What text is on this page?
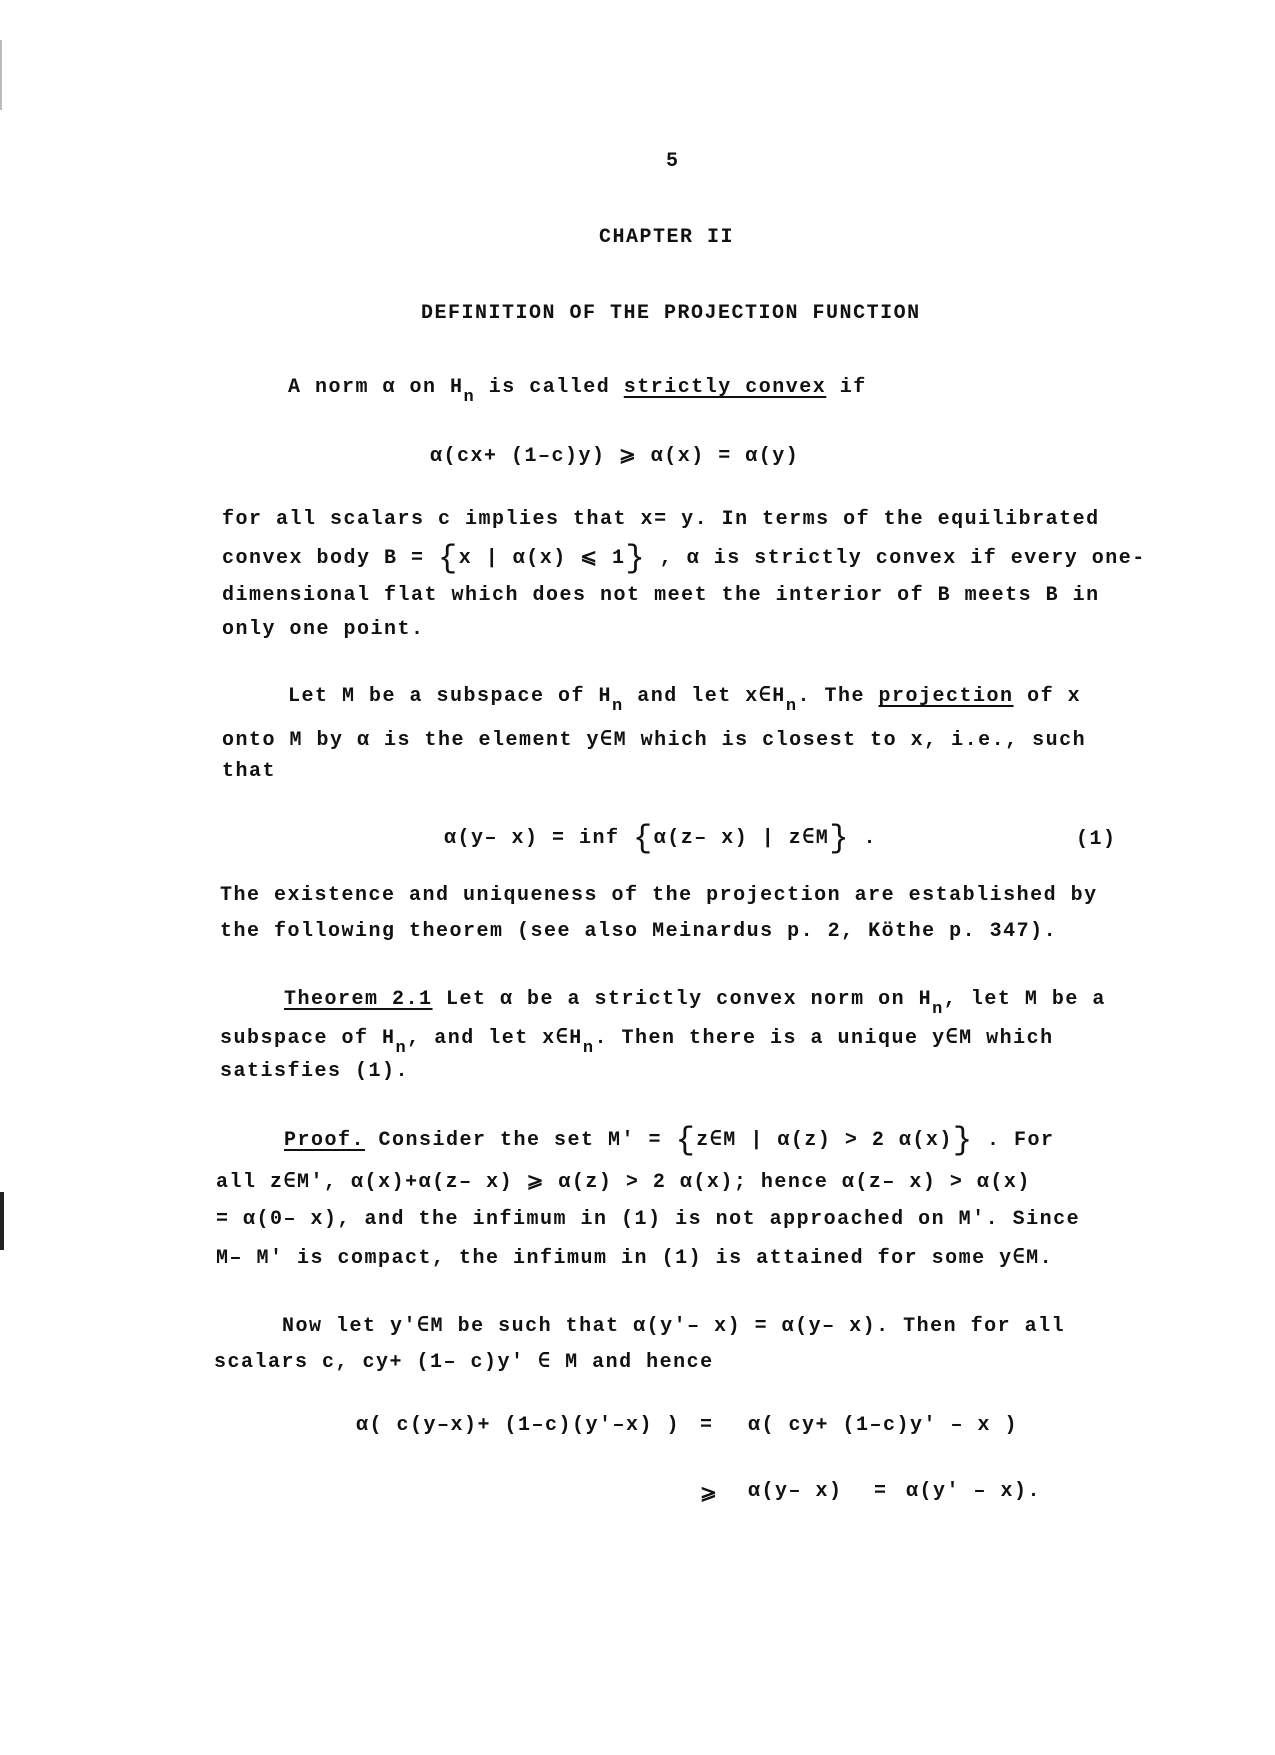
5
CHAPTER II
DEFINITION OF THE PROJECTION FUNCTION
A norm α on $H_n$ is called strictly convex if
α(cx+ (1–c)y) ⩾ α(x) = α(y)
for all scalars c implies that x= y. In terms of the equilibrated
convex body B = {x | α(x) ⩽ 1} , α is strictly convex if every one-
dimensional flat which does not meet the interior of B meets B in
only one point.
Let M be a subspace of $H_n$ and let $x\in H_n$. The projection of x
onto M by α is the element y∈M which is closest to x, i.e., such
that
α(y– x) = inf {α(z– x) | z∈M} .	(1)
The existence and uniqueness of the projection are established by
the following theorem (see also Meinardus p. 2, Köthe p. 347).
Theorem 2.1 Let α be a strictly convex norm on $H_n$, let M be a
subspace of $H_n$, and let $x\in H_n$. Then there is a unique y∈M which
satisfies (1).
Proof. Consider the set M' = {z∈M | α(z) > 2 α(x)} . For
all z∈M', α(x)+α(z– x) ⩾ α(z) > 2 α(x); hence α(z– x) > α(x)
= α(0– x), and the infimum in (1) is not approached on M'. Since
M– M' is compact, the infimum in (1) is attained for some y∈M.
Now let y'∈M be such that α(y'– x) = α(y– x). Then for all
scalars c, cy+ (1– c)y' ∈ M and hence
α( c(y–x)+ (1–c)(y'–x) ) = α( cy+ (1–c)y' – x )
⩾ α(y– x) = α(y' – x).
